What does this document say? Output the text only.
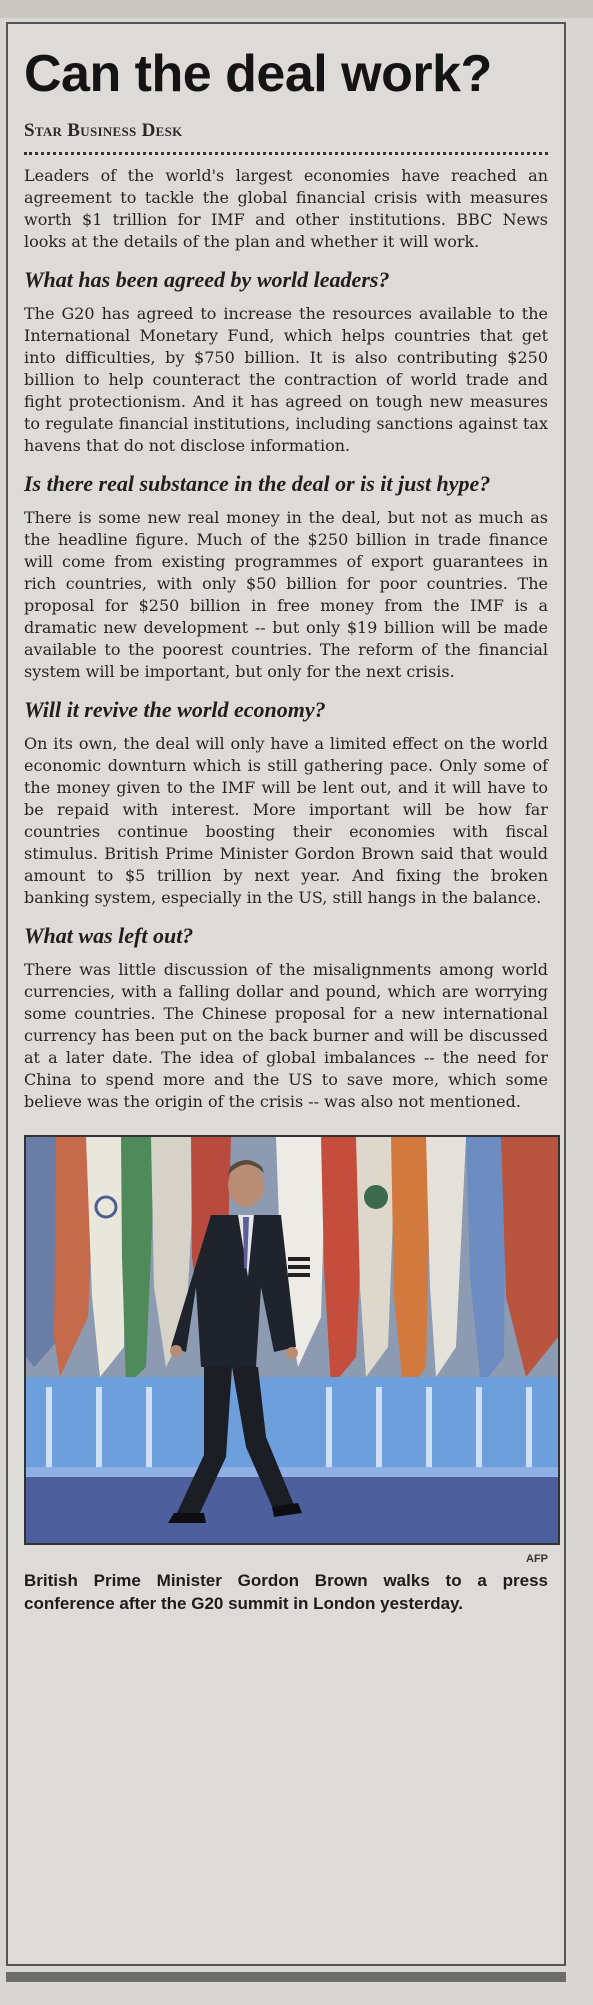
Can the deal work?

Star Business Desk

Leaders of the world's largest economies have reached an agreement to tackle the global financial crisis with measures worth $1 trillion for IMF and other institutions. BBC News looks at the details of the plan and whether it will work.

What has been agreed by world leaders?

The G20 has agreed to increase the resources available to the International Monetary Fund, which helps countries that get into difficulties, by $750 billion. It is also contributing $250 billion to help counteract the contraction of world trade and fight protectionism. And it has agreed on tough new measures to regulate financial institutions, including sanctions against tax havens that do not disclose information.

Is there real substance in the deal or is it just hype?

There is some new real money in the deal, but not as much as the headline figure. Much of the $250 billion in trade finance will come from existing programmes of export guarantees in rich countries, with only $50 billion for poor countries. The proposal for $250 billion in free money from the IMF is a dramatic new development -- but only $19 billion will be made available to the poorest countries. The reform of the financial system will be important, but only for the next crisis.

Will it revive the world economy?

On its own, the deal will only have a limited effect on the world economic downturn which is still gathering pace. Only some of the money given to the IMF will be lent out, and it will have to be repaid with interest. More important will be how far countries continue boosting their economies with fiscal stimulus. British Prime Minister Gordon Brown said that would amount to $5 trillion by next year. And fixing the broken banking system, especially in the US, still hangs in the balance.

What was left out?

There was little discussion of the misalignments among world currencies, with a falling dollar and pound, which are worrying some countries. The Chinese proposal for a new international currency has been put on the back burner and will be discussed at a later date. The idea of global imbalances -- the need for China to spend more and the US to save more, which some believe was the origin of the crisis -- was also not mentioned.

AFP

British Prime Minister Gordon Brown walks to a press conference after the G20 summit in London yesterday.
